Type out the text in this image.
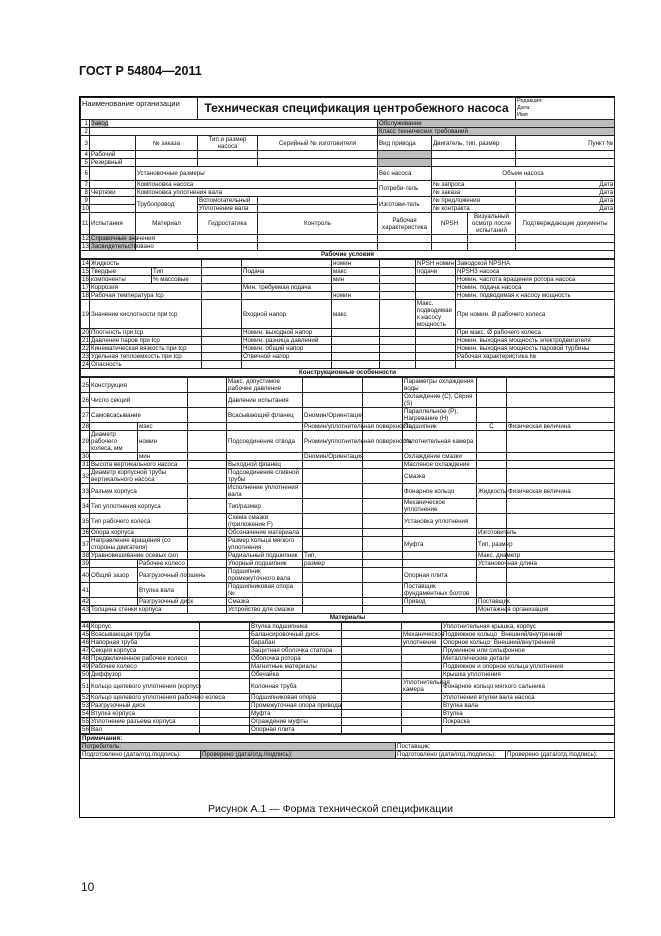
ГОСТ Р 54804—2011
Наименование организации			Техническая спецификация центробежного насоса					Редакция:
Дата:
Имя

1	Завод				Обслуживание			
2					Класс технических требований			
3		№ заказа	Тип и размер насоса	Серийный № изготовителя	Вид привода	Двигатель, тип, размер		Пункт №
4	Рабочий							
5	Резервный							
6		Установочные размеры			Вес насоса	Объем насоса		
7		Компоновка насоса			Потреби-тель	№ запроса		Дата
8	Чертежи	Компоновка уплотнения вала				№ заказа		Дата
9		Трубопровод	Вспомогательный		Изготови-тель	№ предложения		Дата
10			Уплотнение вала			№ контракта		Дата
11	Испытания	Материал	Гидростатика	Контроль	Рабочая характеристика	NPSH	Визуальный осмотр после испытаний	Подтверждающие документы
12	Справочные значения							
13	Засвидетельствовано							
Рабочие условия								
14	Жидкость				номин		NPSH номин	Заводской NPSHA
15	Твердые	Тип		Подача	макс		подачи	NPSH3 насоса
16	компоненты	% массовые			мин			Номин. частота вращения ротора насоса
17	Коррозия			Мин. требуемая подача				Номин. подача насоса
18	Рабочая температура tср				номин			Номин. подводимая к насосу мощность
19	Значение кислотности при tср			Входной напор	макс		Макс. подводимая к насосу мощность	При номин. Ø рабочего колеса
20	Плотность при tср			Номин. выходной напор				При макс. Ø рабочего колеса
21	Давление паров при tср			Номин. разница давлений				Номин. выходная мощность электродвигателя
22	Кинематическая вязкость при tср			Номин. общий напор				Номин. выходная мощность паровой турбины
23	Удельная теплоемкость при tср			Отвечной напор				Рабочая характеристика №
24	Опасность							
Конструкционные особенности								
25	Конструкция			Макс. допустимое рабочее давление			Параметры охлаждения воды		
26	Число секций			Давление испытания			Охлаждение (С), Серия (S)		
27	Самовсасывание			Всасывающий фланец	Dномин/Ориентация		Параллельное (Р), Нагревание (Н)		
28		макс			Pномин/уплотнительная поверхность		Подшипник	С	Физическая величина
29	Диаметр рабочего колеса, мм	номин		Подсоединение отвода	Pномин/уплотнительная поверхность		Уплотнительная камера		
30		мин			Dномин/Ориентация		Охлаждение смазки		
31	Высота вертикального насоса			Выходной фланец			Масляное охлаждение		
32	Диаметр корпусной трубы вертикального насоса			Подсоединение сливной трубы			Смазка		
33	Разъем корпуса			Исполнение уплотнения вала			Фонарное кольцо	Жидкость	Физическая величина
34	Тип уплотнения корпуса			Тип/размер			Механическое уплотнение		
35	Тип рабочего колеса			Схема смазки (приложение F)			Установка уплотнения		
36	Опора корпуса			Обозначение материала				Изготовитель	
37	Направление вращения (со стороны двигателя)			Размер кольца мягкого уплотнения			Муфта	Тип, размер	
38	Уравновешивание осевых сил			Радиальный подшипник	Тип,			Макс. диаметр	
39		Рабочее колесо		Упорный подшипник	размер			Установочная длина	
40	Общий зазор	Разгрузочный поршень		Подшипник промежуточного вала			Опорная плита		
41		Втулка вала		Подшипниковая опора №			Поставщик фундаментных болтов		
42		Разгрузочный диск		Смазка			Привод	Поставщик	
43	Толщина стенки корпуса			Устройство для смазки				Монтажная организация	
Материалы									
44	Корпус		Втулка подшипника			Уплотнительная крышка, корпус
45	Всасывающая труба		Балансировочный диск-		Механическое	Подвижное кольцо Внешний/внутренний
46	Напорная труба		барабан		уплотнение	Опорное кольцо Внешний/внутренний
47	Секция корпуса		Защитная оболочка статора			Пружинное или сильфонное
48	Предвключенное рабочее колесо		Оболочка ротора			Металлические детали
49	Рабочее колесо		Магнитные материалы			Подвижное и опорное кольца уплотнения
50	Диффузор		Обечайка			Крышка уплотнения
51	Кольцо щелевого уплотнения (корпус)		Колонная труба		Уплотнительная камера	Фонарное кольцо мягкого сальника
52	Кольцо щелевого уплотнения рабочего колеса		Подшипниковая опора			Уплотнения втулки вала насоса
53	Разгрузочный диск		Промежуточная опора привода			Втулка вала
54	Втулка корпуса		Муфта			Втулка
55	Уплотнение разъема корпуса		Ограждение муфты			Покраска
56	Вал		Опорная плита			
Примечания:			
Потребитель:		Поставщик:	
Подготовлено (дата/отд./подпись):	Проверено (дата/отд./подпись):	Подготовлено (дата/отд./подпись):	Проверено (дата/отд./подпись):
Рисунок А.1 — Форма технической спецификации
10
